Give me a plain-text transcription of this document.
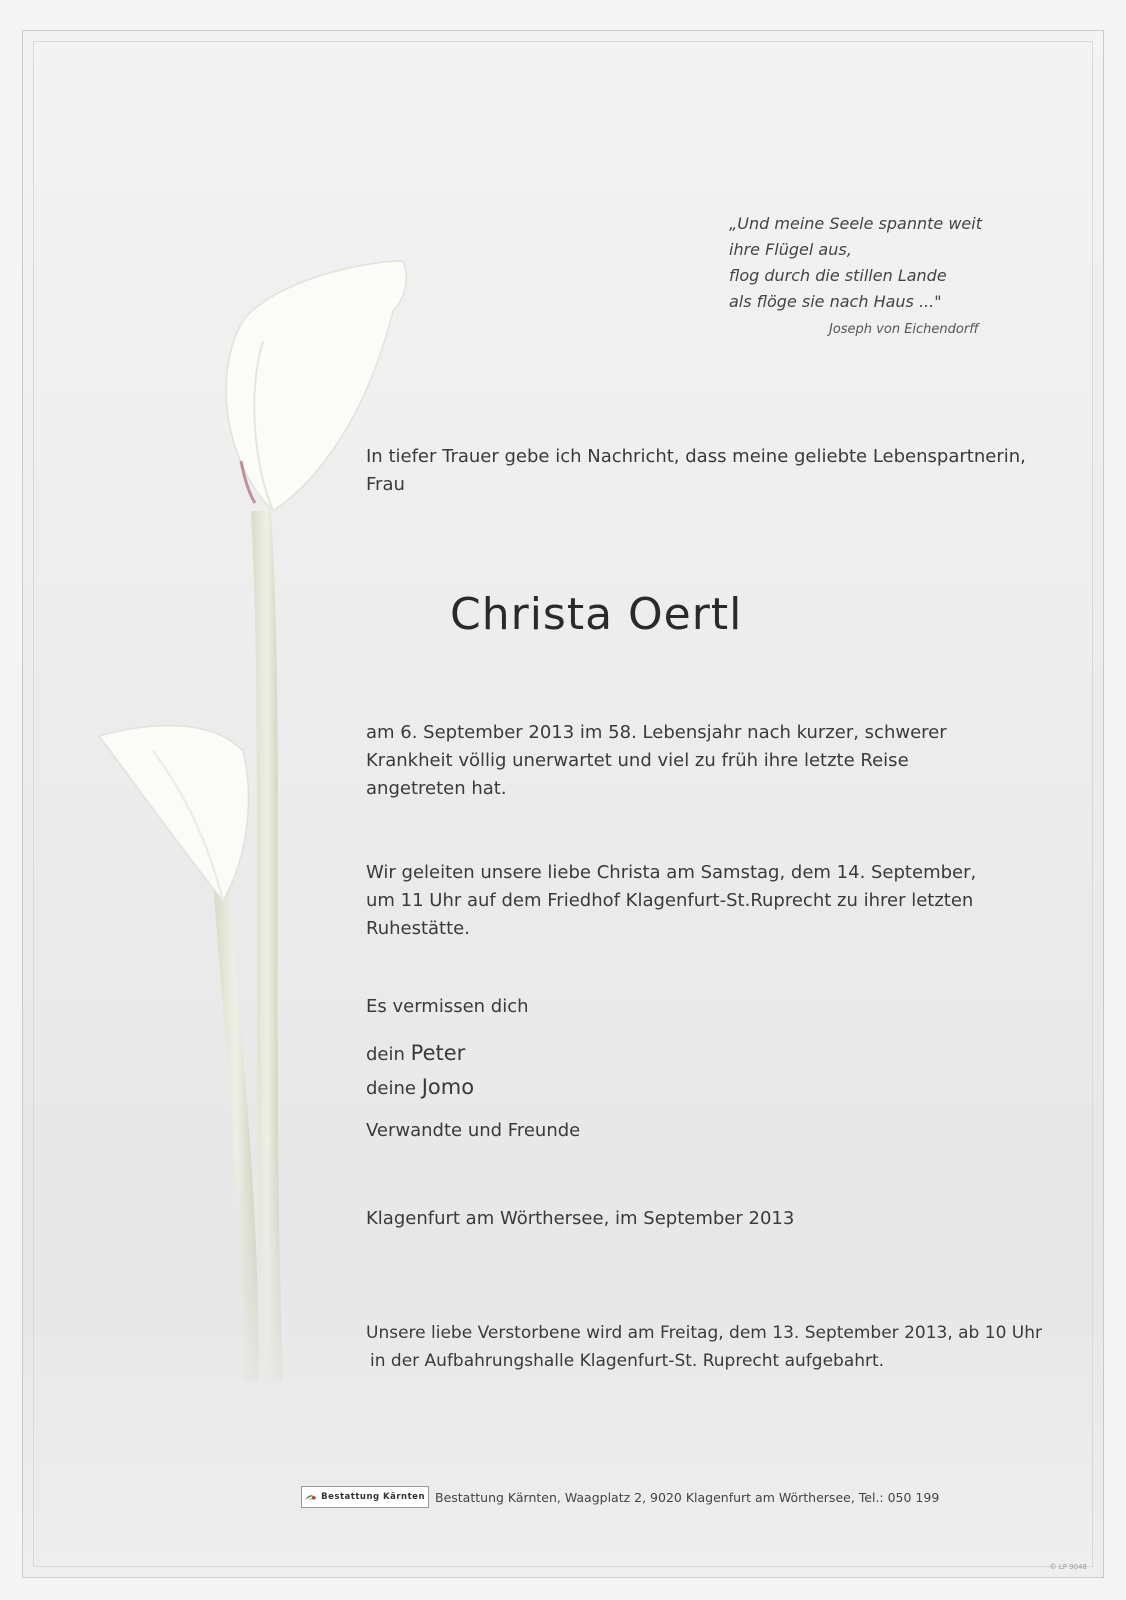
„Und meine Seele spannte weit
ihre Flügel aus,
flog durch die stillen Lande
als flöge sie nach Haus ..."
Joseph von Eichendorff
In tiefer Trauer gebe ich Nachricht, dass meine geliebte Lebenspartnerin,
Frau
Christa Oertl
am 6. September 2013 im 58. Lebensjahr nach kurzer, schwerer
Krankheit völlig unerwartet und viel zu früh ihre letzte Reise
angetreten hat.
Wir geleiten unsere liebe Christa am Samstag, dem 14. September,
um 11 Uhr auf dem Friedhof Klagenfurt-St.Ruprecht zu ihrer letzten
Ruhestätte.
Es vermissen dich
dein Peter
deine Jomo
Verwandte und Freunde
Klagenfurt am Wörthersee, im September 2013
Unsere liebe Verstorbene wird am Freitag, dem 13. September 2013, ab 10 Uhr
in der Aufbahrungshalle Klagenfurt-St. Ruprecht aufgebahrt.
Bestattung Kärnten Bestattung Kärnten, Waagplatz 2, 9020 Klagenfurt am Wörthersee, Tel.: 050 199
© LP 9048
